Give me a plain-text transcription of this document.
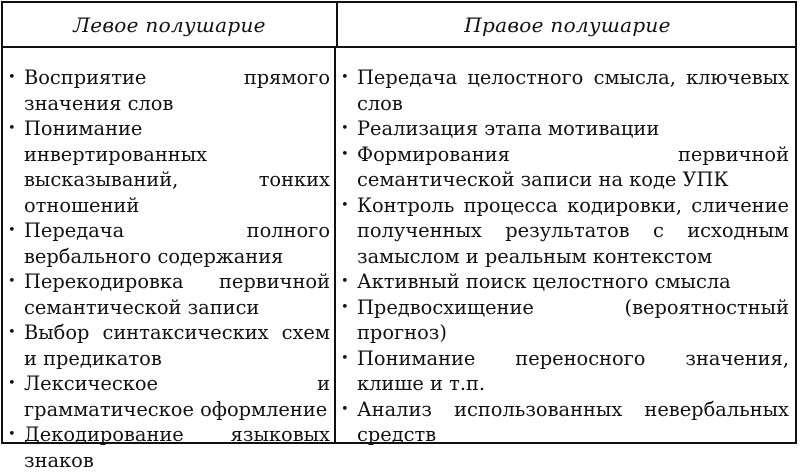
Левое полушарие	Правое полушарие
• Восприятие прямого значения слов
• Понимание инвертированных высказываний, тонких отношений
• Передача полного вербального содержания
• Перекодировка первичной семантической записи
• Выбор синтаксических схем и предикатов
• Лексическое и грамматическое оформление
• Декодирование языковых знаков
• Передача целостного смысла, ключевых слов
• Реализация этапа мотивации
• Формирования первичной семантической записи на коде УПК
• Контроль процесса кодировки, сличение полученных результатов с исходным замыслом и реальным контекстом
• Активный поиск целостного смысла
• Предвосхищение (вероятностный прогноз)
• Понимание переносного значения, клише и т.п.
• Анализ использованных невербальных средств
